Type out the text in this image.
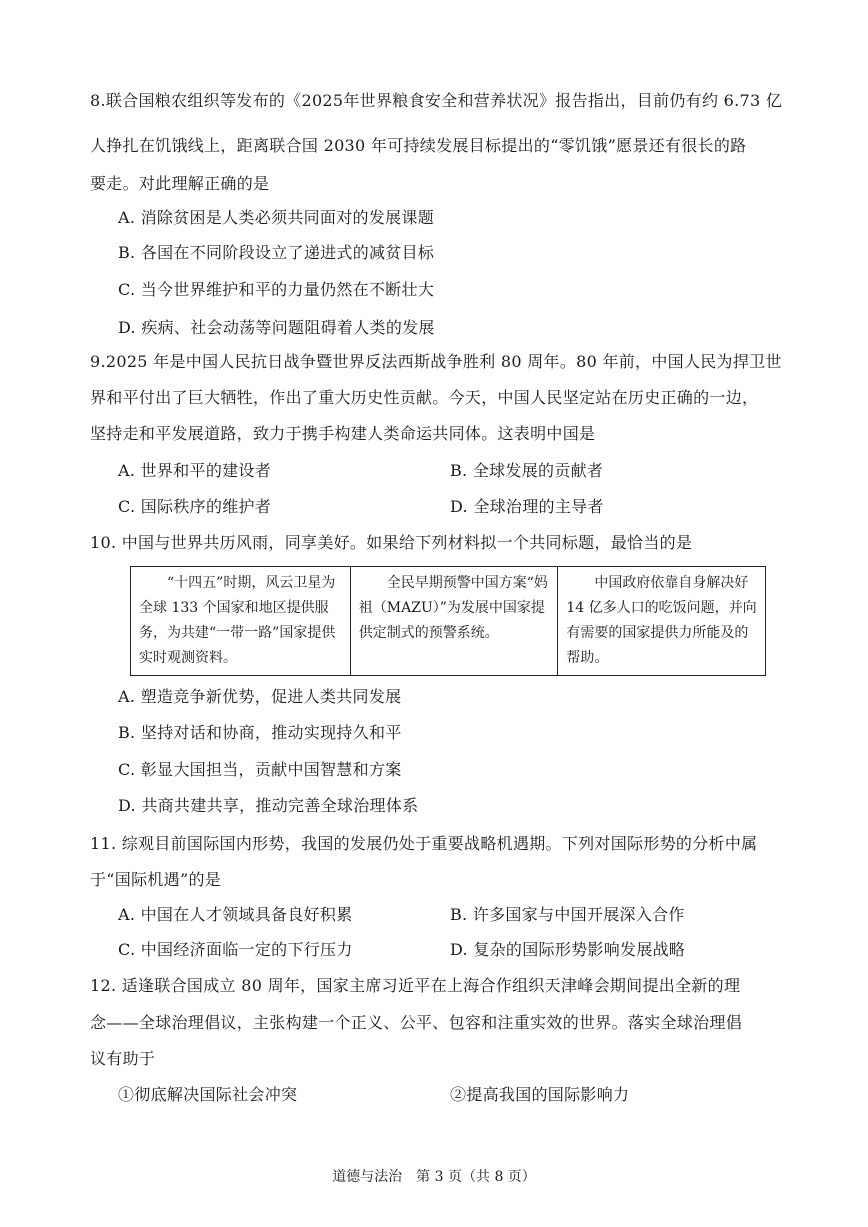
8.联合国粮农组织等发布的《2025年世界粮食安全和营养状况》报告指出，目前仍有约 6.73 亿
人挣扎在饥饿线上，距离联合国 2030 年可持续发展目标提出的“零饥饿”愿景还有很长的路
要走。对此理解正确的是
A. 消除贫困是人类必须共同面对的发展课题
B. 各国在不同阶段设立了递进式的减贫目标
C. 当今世界维护和平的力量仍然在不断壮大
D. 疾病、社会动荡等问题阻碍着人类的发展
9.2025 年是中国人民抗日战争暨世界反法西斯战争胜利 80 周年。80 年前，中国人民为捍卫世
界和平付出了巨大牺牲，作出了重大历史性贡献。今天，中国人民坚定站在历史正确的一边，
坚持走和平发展道路，致力于携手构建人类命运共同体。这表明中国是
A. 世界和平的建设者	B. 全球发展的贡献者
C. 国际秩序的维护者	D. 全球治理的主导者
10. 中国与世界共历风雨，同享美好。如果给下列材料拟一个共同标题，最恰当的是
“十四五”时期，风云卫星为全球 133 个国家和地区提供服务，为共建“一带一路”国家提供实时观测资料。	全民早期预警中国方案“妈祖（MAZU）”为发展中国家提供定制式的预警系统。	中国政府依靠自身解决好 14 亿多人口的吃饭问题，并向有需要的国家提供力所能及的帮助。
A. 塑造竞争新优势，促进人类共同发展
B. 坚持对话和协商，推动实现持久和平
C. 彰显大国担当，贡献中国智慧和方案
D. 共商共建共享，推动完善全球治理体系
11. 综观目前国际国内形势，我国的发展仍处于重要战略机遇期。下列对国际形势的分析中属
于“国际机遇”的是
A. 中国在人才领域具备良好积累	B. 许多国家与中国开展深入合作
C. 中国经济面临一定的下行压力	D. 复杂的国际形势影响发展战略
12. 适逢联合国成立 80 周年，国家主席习近平在上海合作组织天津峰会期间提出全新的理
念——全球治理倡议，主张构建一个正义、公平、包容和注重实效的世界。落实全球治理倡
议有助于
①彻底解决国际社会冲突	②提高我国的国际影响力
道德与法治　第 3 页（共 8 页）
